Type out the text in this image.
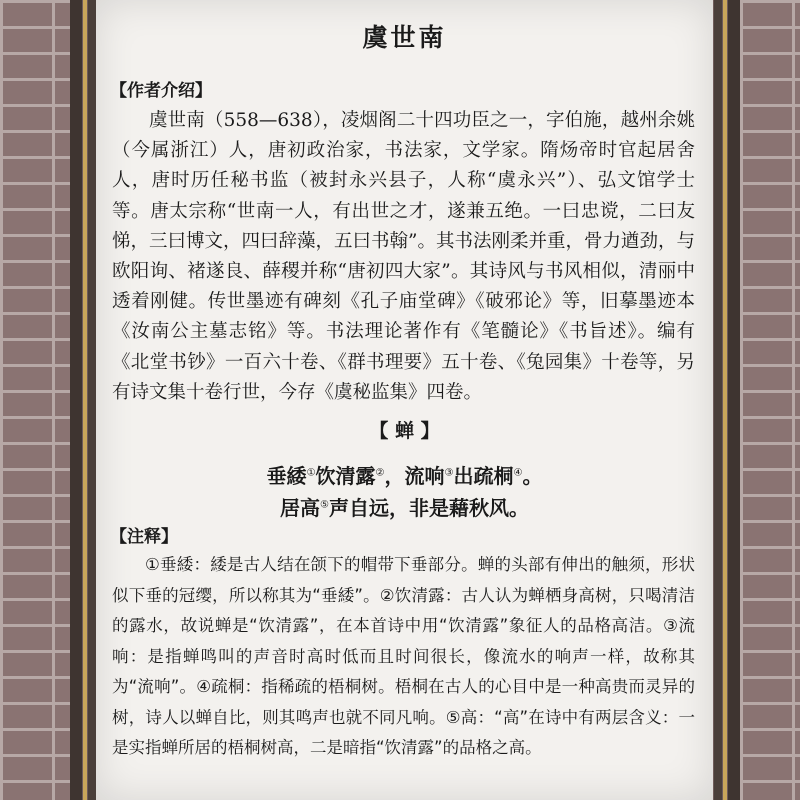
虞世南
【作者介绍】
虞世南（558—638），凌烟阁二十四功臣之一，字伯施，越州余姚（今属浙江）人，唐初政治家，书法家，文学家。隋炀帝时官起居舍人，唐时历任秘书监（被封永兴县子，人称“虞永兴”）、弘文馆学士等。唐太宗称“世南一人，有出世之才，遂兼五绝。一曰忠谠，二曰友悌，三曰博文，四曰辞藻，五曰书翰”。其书法刚柔并重，骨力遒劲，与欧阳询、褚遂良、薛稷并称“唐初四大家”。其诗风与书风相似，清丽中透着刚健。传世墨迹有碑刻《孔子庙堂碑》《破邪论》等，旧摹墨迹本《汝南公主墓志铭》等。书法理论著作有《笔髓论》《书旨述》。编有《北堂书钞》一百六十卷、《群书理要》五十卷、《兔园集》十卷等，另有诗文集十卷行世，今存《虞秘监集》四卷。
【 蝉 】
垂緌①饮清露②，流响③出疏桐④。
居高⑤声自远，非是藉秋风。
【注释】
①垂緌：緌是古人结在颌下的帽带下垂部分。蝉的头部有伸出的触须，形状似下垂的冠缨，所以称其为“垂緌”。②饮清露：古人认为蝉栖身高树，只喝清洁的露水，故说蝉是“饮清露”，在本首诗中用“饮清露”象征人的品格高洁。③流响：是指蝉鸣叫的声音时高时低而且时间很长，像流水的响声一样，故称其为“流响”。④疏桐：指稀疏的梧桐树。梧桐在古人的心目中是一种高贵而灵异的树，诗人以蝉自比，则其鸣声也就不同凡响。⑤高：“高”在诗中有两层含义：一是实指蝉所居的梧桐树高，二是暗指“饮清露”的品格之高。
